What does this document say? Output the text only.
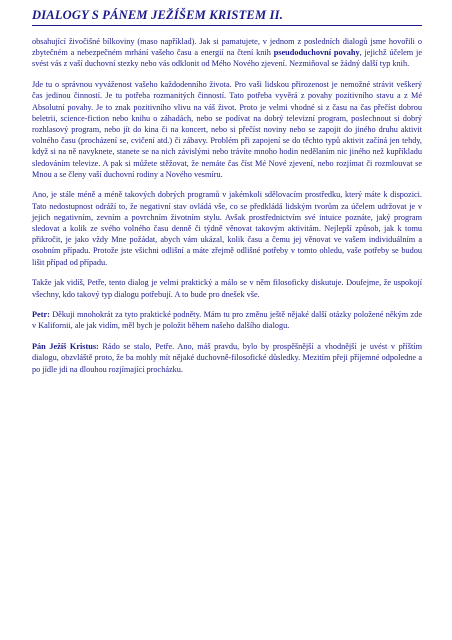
DIALOGY S PÁNEM JEŽÍŠEM KRISTEM II.

obsahující živočišné bílkoviny (maso například). Jak si pamatujete, v jednom z posledních dialogů jsme hovořili o zbytečném a nebezpečném mrhání vašeho času a energií na čtení knih pseudoduchovní povahy, jejichž účelem je svést vás z vaší duchovní stezky nebo vás odklonit od Mého Nového zjevení. Nezmiňoval se žádný další typ knih.

Jde tu o správnou vyváženost vašeho každodenního života. Pro vaši lidskou přirozenost je nemožné strávit veškerý čas jedinou činností. Je tu potřeba rozmanitých činností. Tato potřeba vyvěrá z povahy pozitivního stavu a z Mé Absolutní povahy. Je to znak pozitivního vlivu na váš život. Proto je velmi vhodné si z času na čas přečíst dobrou beletrii, science-fiction nebo knihu o záhadách, nebo se podívat na dobrý televizní program, poslechnout si dobrý rozhlasový program, nebo jít do kina či na koncert, nebo si přečíst noviny nebo se zapojit do jiného druhu aktivit volného času (procházení se, cvičení atd.) či zábavy. Problém při zapojení se do těchto typů aktivit začíná jen tehdy, když si na ně navyknete, stanete se na nich závislými nebo trávíte mnoho hodin nedělaním nic jiného než kupříkladu sledováním televize. A pak si můžete stěžovat, že nemáte čas číst Mé Nové zjevení, nebo rozjímat či rozmlouvat se Mnou a se členy vaší duchovní rodiny a Nového vesmíru.

Ano, je stále méně a méně takových dobrých programů v jakémkoli sdělovacím prostředku, který máte k dispozici. Tato nedostupnost odráží to, že negativní stav ovládá vše, co se předkládá lidským tvorům za účelem udržovat je v jejich negativním, zevním a povrchním životním stylu. Avšak prostřednictvím své intuice poznáte, jaký program sledovat a kolik ze svého volného času denně či týdně věnovat takovým aktivitám. Nejlepší způsob, jak k tomu přikročit, je jako vždy Mne požádat, abych vám ukázal, kolik času a čemu jej věnovat ve vašem individuálním a osobním případu. Protože jste všichni odlišní a máte zřejmě odlišné potřeby v tomto ohledu, vaše potřeby se budou lišit případ od případu.

Takže jak vidíš, Petře, tento dialog je velmi praktický a málo se v něm filosoficky diskutuje. Doufejme, že uspokojí všechny, kdo takový typ dialogu potřebují. A to bude pro dnešek vše.

Petr: Děkuji mnohokrát za tyto praktické podněty. Mám tu pro změnu ještě nějaké další otázky položené někým zde v Kalifornii, ale jak vidím, měl bych je položit během našeho dalšího dialogu.

Pán Ježíš Kristus: Rádo se stalo, Petře. Ano, máš pravdu, bylo by prospěšnější a vhodnější je uvést v příštím dialogu, obzvláště proto, že ba mohly mít nějaké duchovně-filosofické důsledky. Mezitím přeji příjemné odpoledne a po jídle jdi na dlouhou rozjímající procházku.
